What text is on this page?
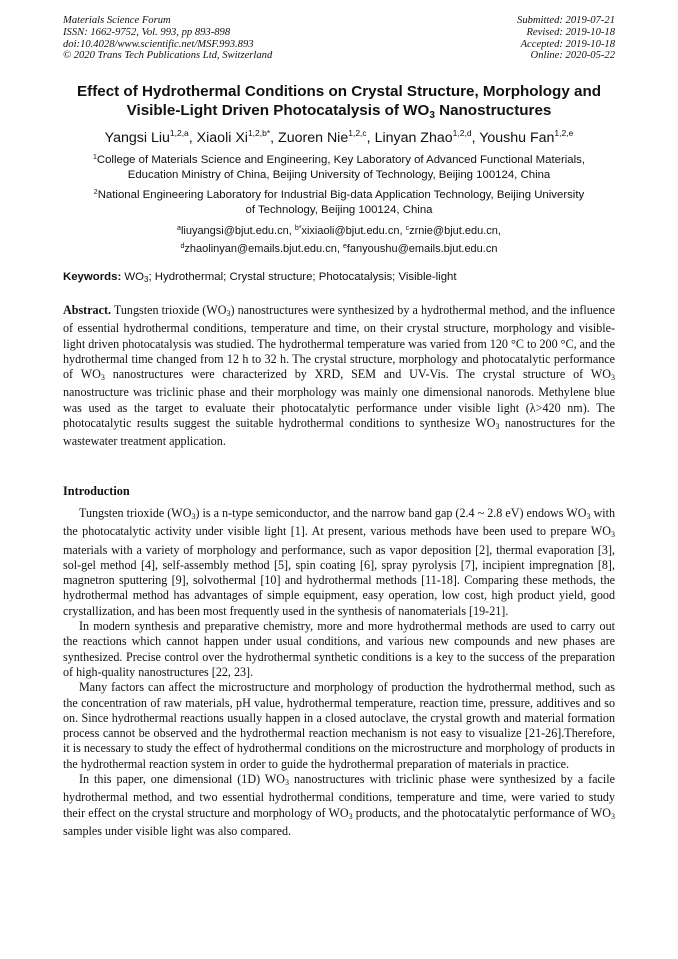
Materials Science Forum
ISSN: 1662-9752, Vol. 993, pp 893-898
doi:10.4028/www.scientific.net/MSF.993.893
© 2020 Trans Tech Publications Ltd, Switzerland
Submitted: 2019-07-21
Revised: 2019-10-18
Accepted: 2019-10-18
Online: 2020-05-22
Effect of Hydrothermal Conditions on Crystal Structure, Morphology and
Visible-Light Driven Photocatalysis of $WO_3$ Nanostructures
Yangsi Liu$^{1,2,a}$, Xiaoli $Xi^{1,2,b*}$, Zuoren Nie$^{1,2,c}$, Linyan Zhao$^{1,2,d}$, Youshu Fan$^{1,2,e}$
$^1$College of Materials Science and Engineering, Key Laboratory of Advanced Functional Materials,
Education Ministry of China, Beijing University of Technology, Beijing 100124, China
$^2$National Engineering Laboratory for Industrial Big-data Application Technology, Beijing University
of Technology, Beijing 100124, China
$^a$liuyangsi@bjut.edu.cn, $^{b*}$xixiaoli@bjut.edu.cn, $^c$zrnie@bjut.edu.cn,
$^d$zhaolinyan@emails.bjut.edu.cn, $^e$fanyoushu@emails.bjut.edu.cn
Keywords: $WO_3$; Hydrothermal; Crystal structure; Photocatalysis; Visible-light
Abstract. Tungsten trioxide $(WO_3)$ nanostructures were synthesized by a hydrothermal method, and the influence of essential hydrothermal conditions, temperature and time, on their crystal structure, morphology and visible-light driven photocatalysis was studied. The hydrothermal temperature was varied from 120 °C to 200 °C, and the hydrothermal time changed from 12 h to 32 h. The crystal structure, morphology and photocatalytic performance of $WO_3$ nanostructures were characterized by XRD, SEM and UV-Vis. The crystal structure of $WO_3$ nanostructure was triclinic phase and their morphology was mainly one dimensional nanorods. Methylene blue was used as the target to evaluate their photocatalytic performance under visible light (λ>420 nm). The photocatalytic results suggest the suitable hydrothermal conditions to synthesize $WO_3$ nanostructures for the wastewater treatment application.
Introduction

Tungsten trioxide $(WO_3)$ is a n-type semiconductor, and the narrow band gap (2.4 ~ 2.8 eV) endows $WO_3$ with the photocatalytic activity under visible light [1]. At present, various methods have been used to prepare $WO_3$ materials with a variety of morphology and performance, such as vapor deposition [2], thermal evaporation [3], sol-gel method [4], self-assembly method [5], spin coating [6], spray pyrolysis [7], incipient impregnation [8], magnetron sputtering [9], solvothermal [10] and hydrothermal methods [11-18]. Comparing these methods, the hydrothermal method has advantages of simple equipment, easy operation, low cost, high product yield, good crystallization, and has been most frequently used in the synthesis of nanomaterials [19-21].

In modern synthesis and preparative chemistry, more and more hydrothermal methods are used to carry out the reactions which cannot happen under usual conditions, and various new compounds and new phases are synthesized. Precise control over the hydrothermal synthetic conditions is a key to the success of the preparation of high-quality nanostructures [22, 23].

Many factors can affect the microstructure and morphology of production the hydrothermal method, such as the concentration of raw materials, pH value, hydrothermal temperature, reaction time, pressure, additives and so on. Since hydrothermal reactions usually happen in a closed autoclave, the crystal growth and material formation process cannot be observed and the hydrothermal reaction mechanism is not easy to visualize [21-26].Therefore, it is necessary to study the effect of hydrothermal conditions on the microstructure and morphology of products in the hydrothermal reaction system in order to guide the hydrothermal preparation of materials in practice.

In this paper, one dimensional (1D) $WO_3$ nanostructures with triclinic phase were synthesized by a facile hydrothermal method, and two essential hydrothermal conditions, temperature and time, were varied to study their effect on the crystal structure and morphology of $WO_3$ products, and the photocatalytic performance of $WO_3$ samples under visible light was also compared.
